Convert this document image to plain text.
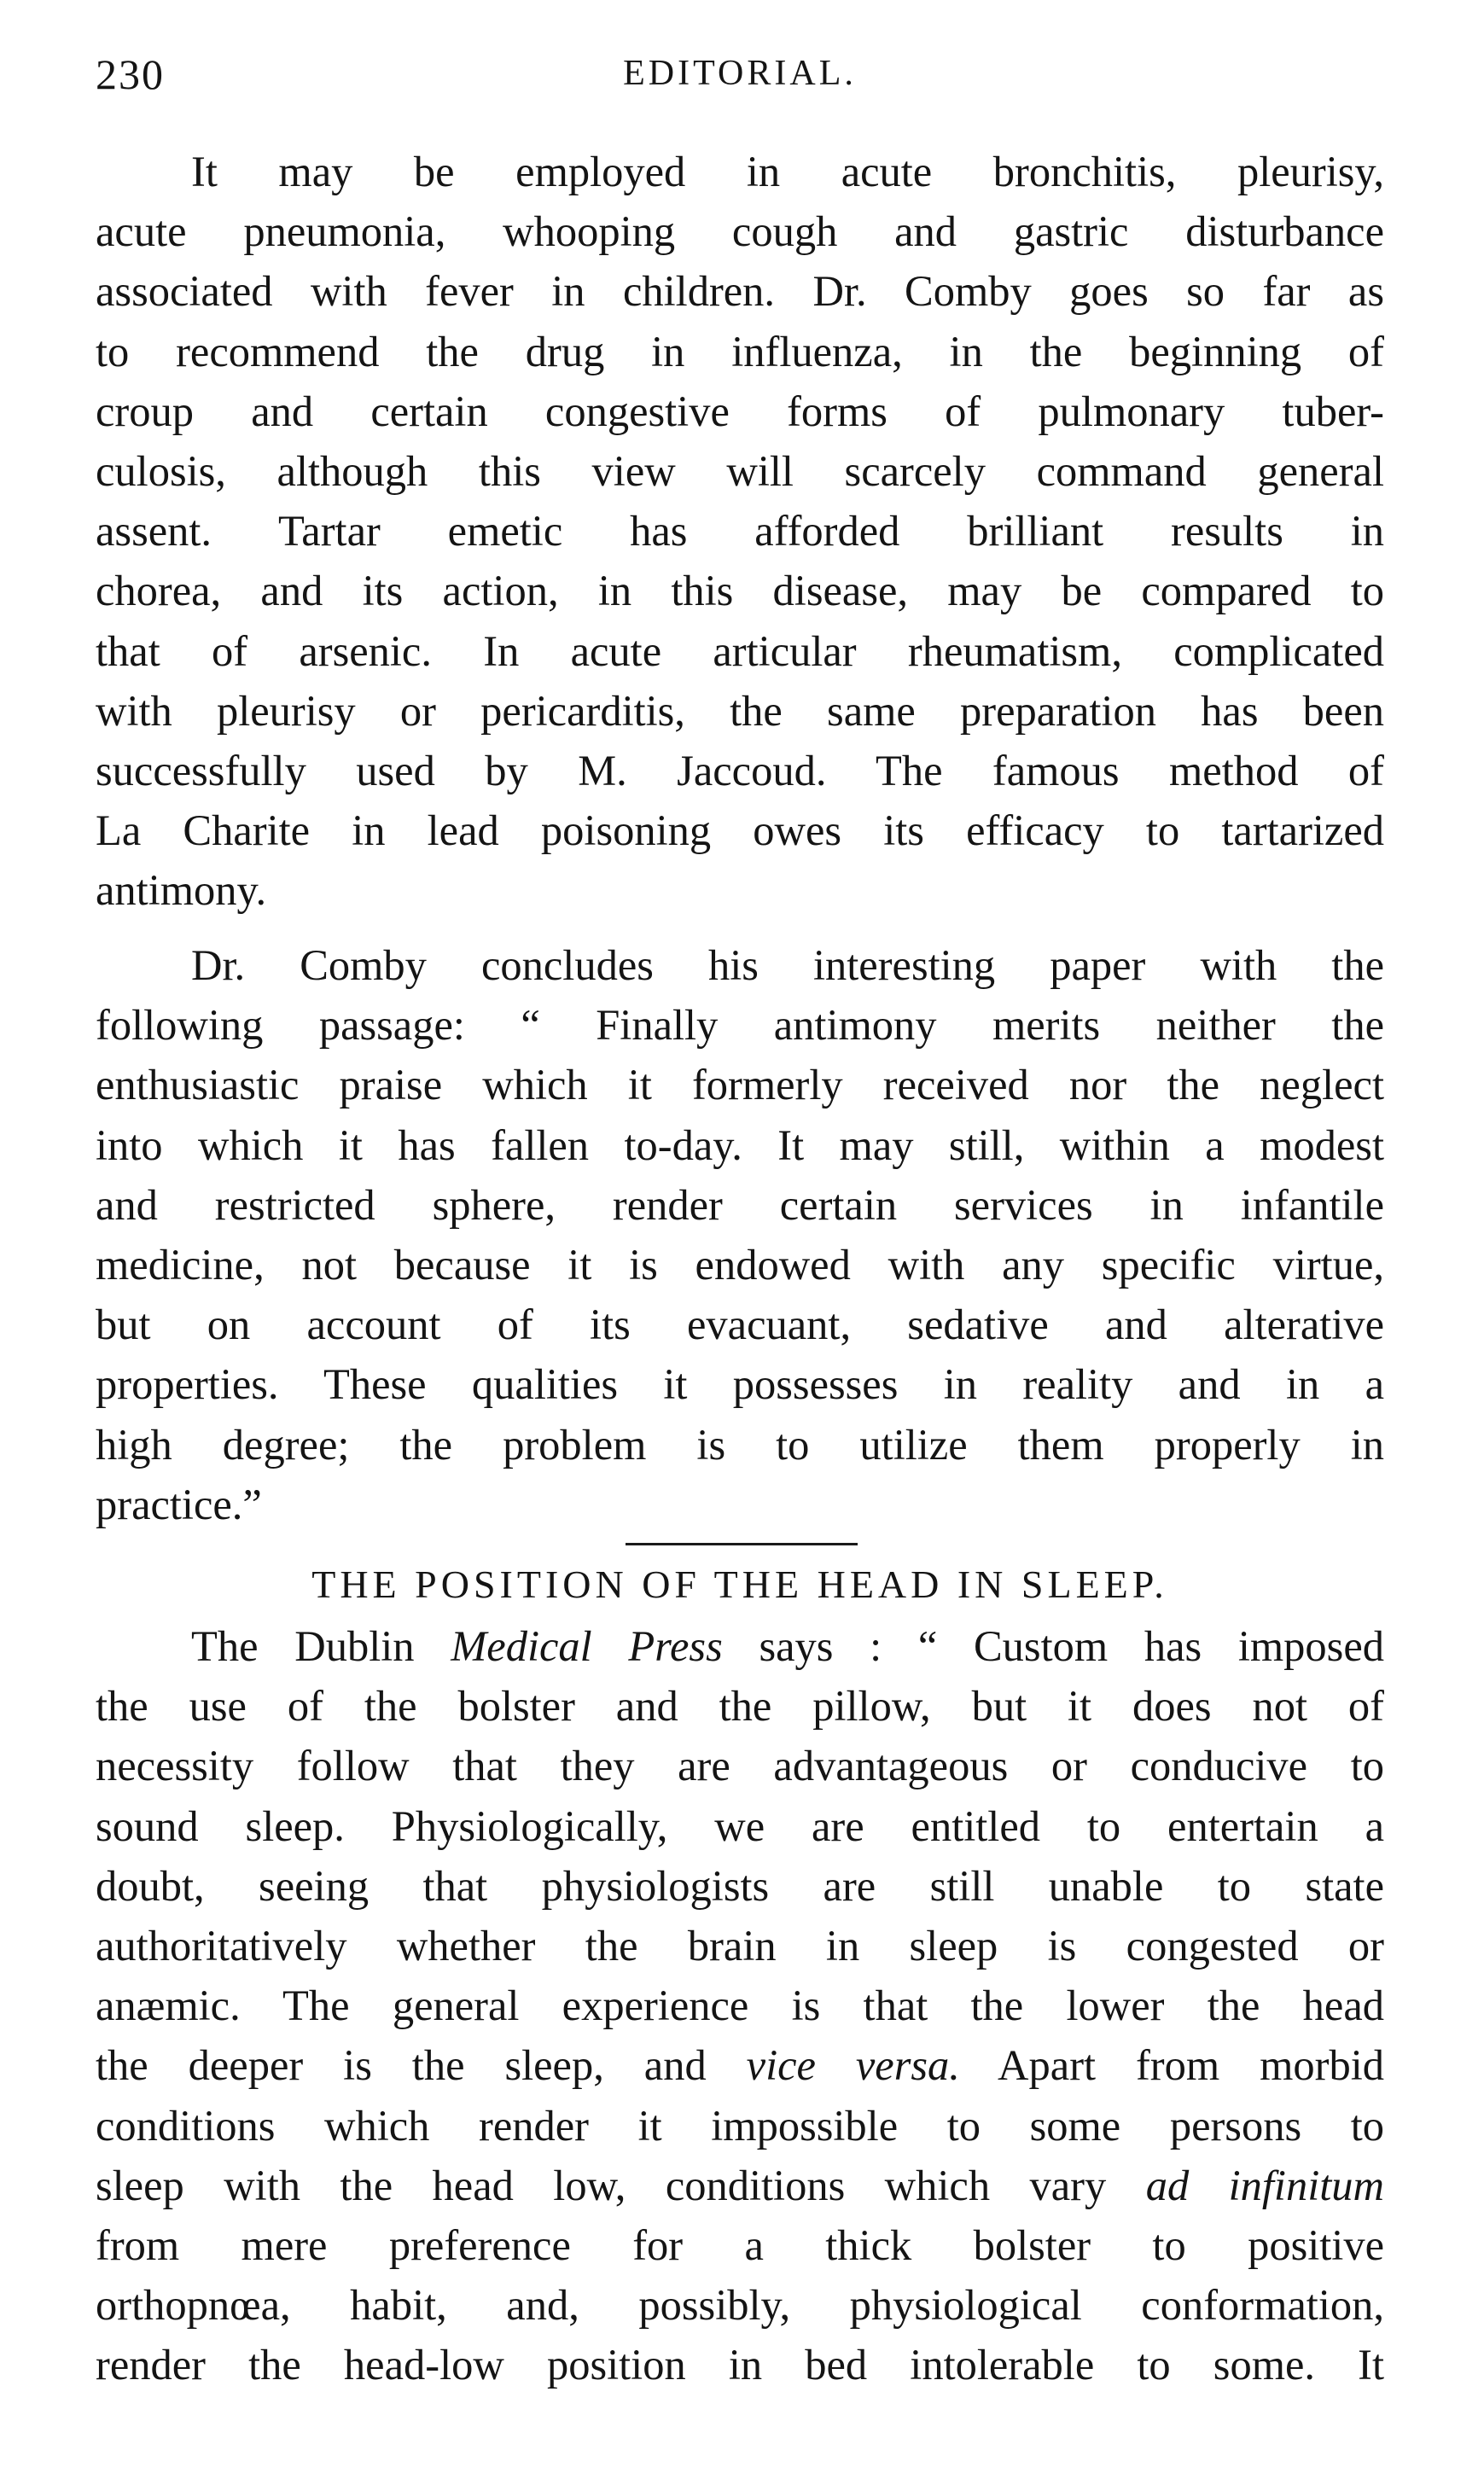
230	EDITORIAL.
It may be employed in acute bronchitis, pleurisy,
acute pneumonia, whooping cough and gastric disturbance
associated with fever in children. Dr. Comby goes so far as
to recommend the drug in influenza, in the beginning of
croup and certain congestive forms of pulmonary tuber-
culosis, although this view will scarcely command general
assent. Tartar emetic has afforded brilliant results in
chorea, and its action, in this disease, may be compared to
that of arsenic. In acute articular rheumatism, complicated
with pleurisy or pericarditis, the same preparation has been
successfully used by M. Jaccoud. The famous method of
La Charite in lead poisoning owes its efficacy to tartarized
antimony.
Dr. Comby concludes his interesting paper with the
following passage: “ Finally antimony merits neither the
enthusiastic praise which it formerly received nor the neglect
into which it has fallen to-day. It may still, within a modest
and restricted sphere, render certain services in infantile
medicine, not because it is endowed with any specific virtue,
but on account of its evacuant, sedative and alterative
properties. These qualities it possesses in reality and in a
high degree; the problem is to utilize them properly in
practice.”
THE POSITION OF THE HEAD IN SLEEP.
The Dublin Medical Press says : “ Custom has imposed
the use of the bolster and the pillow, but it does not of
necessity follow that they are advantageous or conducive to
sound sleep. Physiologically, we are entitled to entertain a
doubt, seeing that physiologists are still unable to state
authoritatively whether the brain in sleep is congested or
anæmic. The general experience is that the lower the head
the deeper is the sleep, and vice versa. Apart from morbid
conditions which render it impossible to some persons to
sleep with the head low, conditions which vary ad infinitum
from mere preference for a thick bolster to positive
orthopnœa, habit, and, possibly, physiological conformation,
render the head-low position in bed intolerable to some. It
